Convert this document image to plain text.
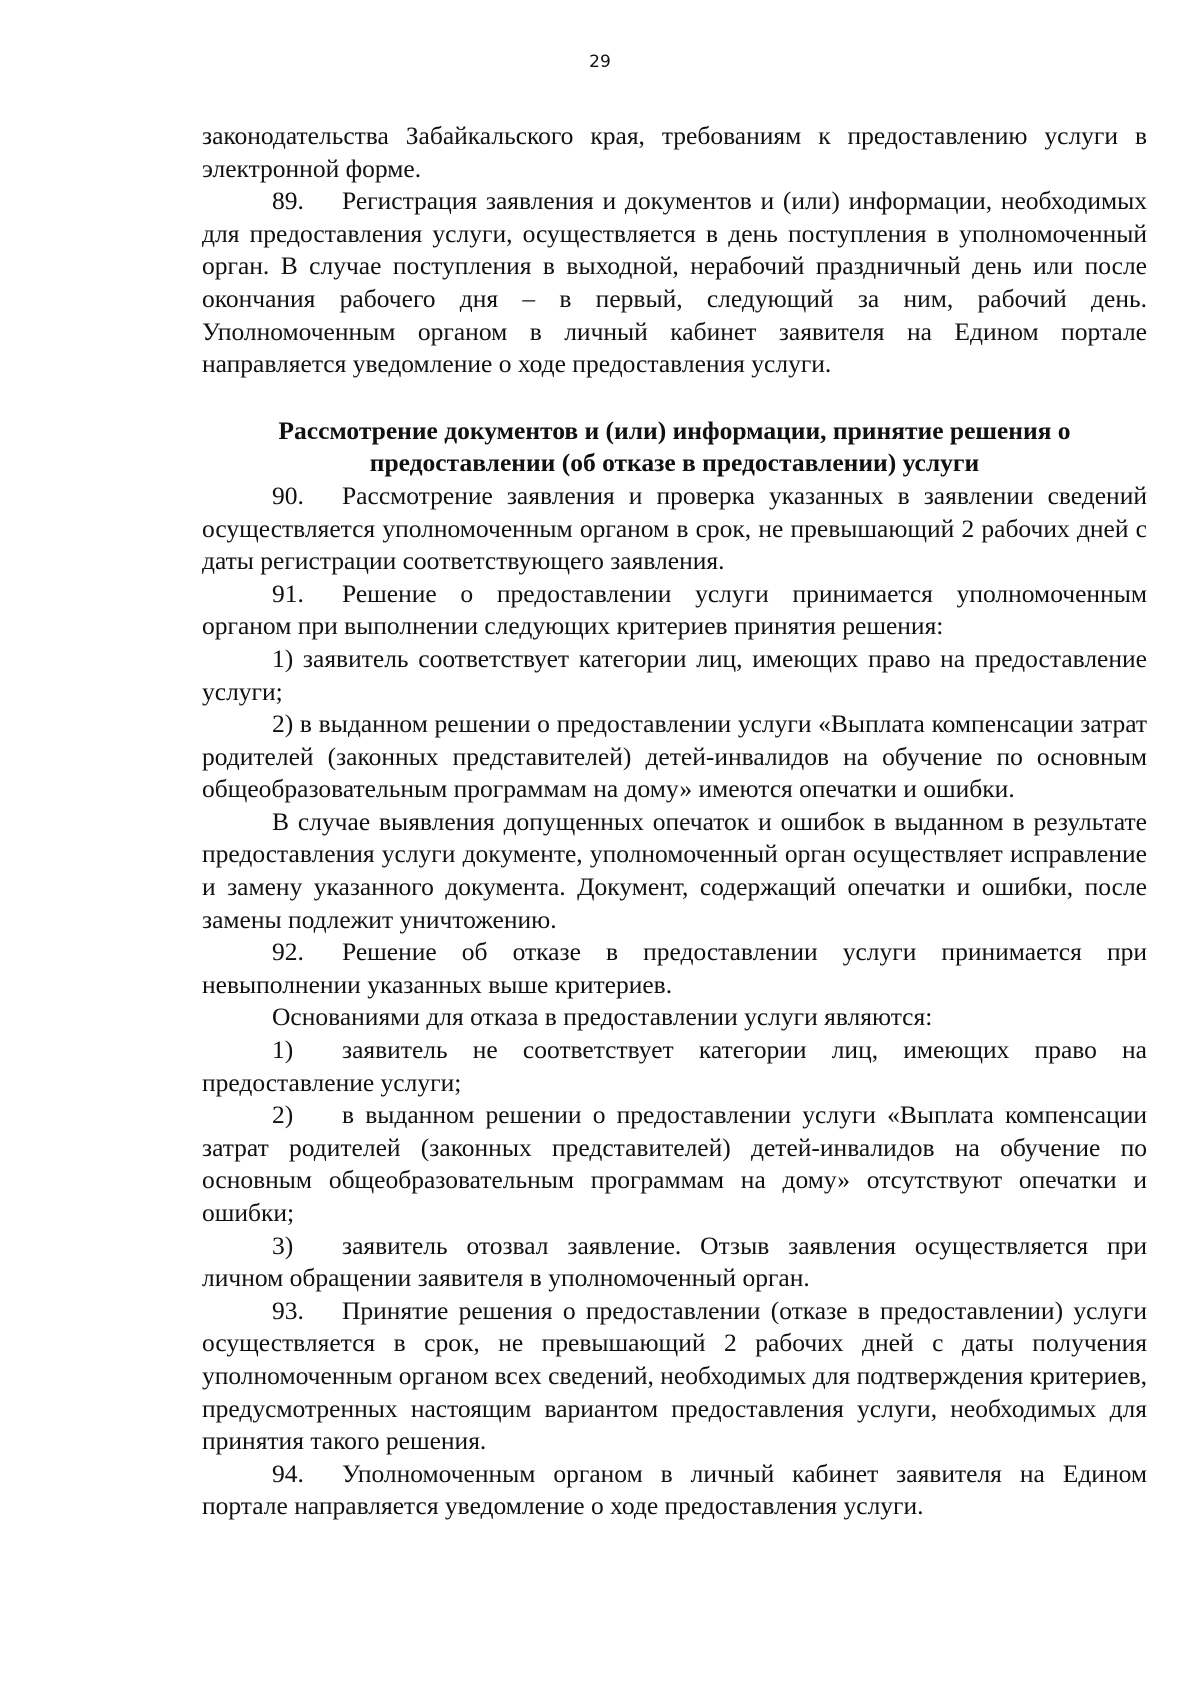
29

законодательства Забайкальского края, требованиям к предоставлению услуги в электронной форме.

89. Регистрация заявления и документов и (или) информации, необходимых для предоставления услуги, осуществляется в день поступления в уполномоченный орган. В случае поступления в выходной, нерабочий праздничный день или после окончания рабочего дня – в первый, следующий за ним, рабочий день. Уполномоченным органом в личный кабинет заявителя на Едином портале направляется уведомление о ходе предоставления услуги.

Рассмотрение документов и (или) информации, принятие решения о предоставлении (об отказе в предоставлении) услуги

90. Рассмотрение заявления и проверка указанных в заявлении сведений осуществляется уполномоченным органом в срок, не превышающий 2 рабочих дней с даты регистрации соответствующего заявления.

91. Решение о предоставлении услуги принимается уполномоченным органом при выполнении следующих критериев принятия решения:

1) заявитель соответствует категории лиц, имеющих право на предоставление услуги;

2) в выданном решении о предоставлении услуги «Выплата компенсации затрат родителей (законных представителей) детей-инвалидов на обучение по основным общеобразовательным программам на дому» имеются опечатки и ошибки.

В случае выявления допущенных опечаток и ошибок в выданном в результате предоставления услуги документе, уполномоченный орган осуществляет исправление и замену указанного документа. Документ, содержащий опечатки и ошибки, после замены подлежит уничтожению.

92. Решение об отказе в предоставлении услуги принимается при невыполнении указанных выше критериев.

Основаниями для отказа в предоставлении услуги являются:

1) заявитель не соответствует категории лиц, имеющих право на предоставление услуги;

2) в выданном решении о предоставлении услуги «Выплата компенсации затрат родителей (законных представителей) детей-инвалидов на обучение по основным общеобразовательным программам на дому» отсутствуют опечатки и ошибки;

3) заявитель отозвал заявление. Отзыв заявления осуществляется при личном обращении заявителя в уполномоченный орган.

93. Принятие решения о предоставлении (отказе в предоставлении) услуги осуществляется в срок, не превышающий 2 рабочих дней с даты получения уполномоченным органом всех сведений, необходимых для подтверждения критериев, предусмотренных настоящим вариантом предоставления услуги, необходимых для принятия такого решения.

94. Уполномоченным органом в личный кабинет заявителя на Едином портале направляется уведомление о ходе предоставления услуги.
